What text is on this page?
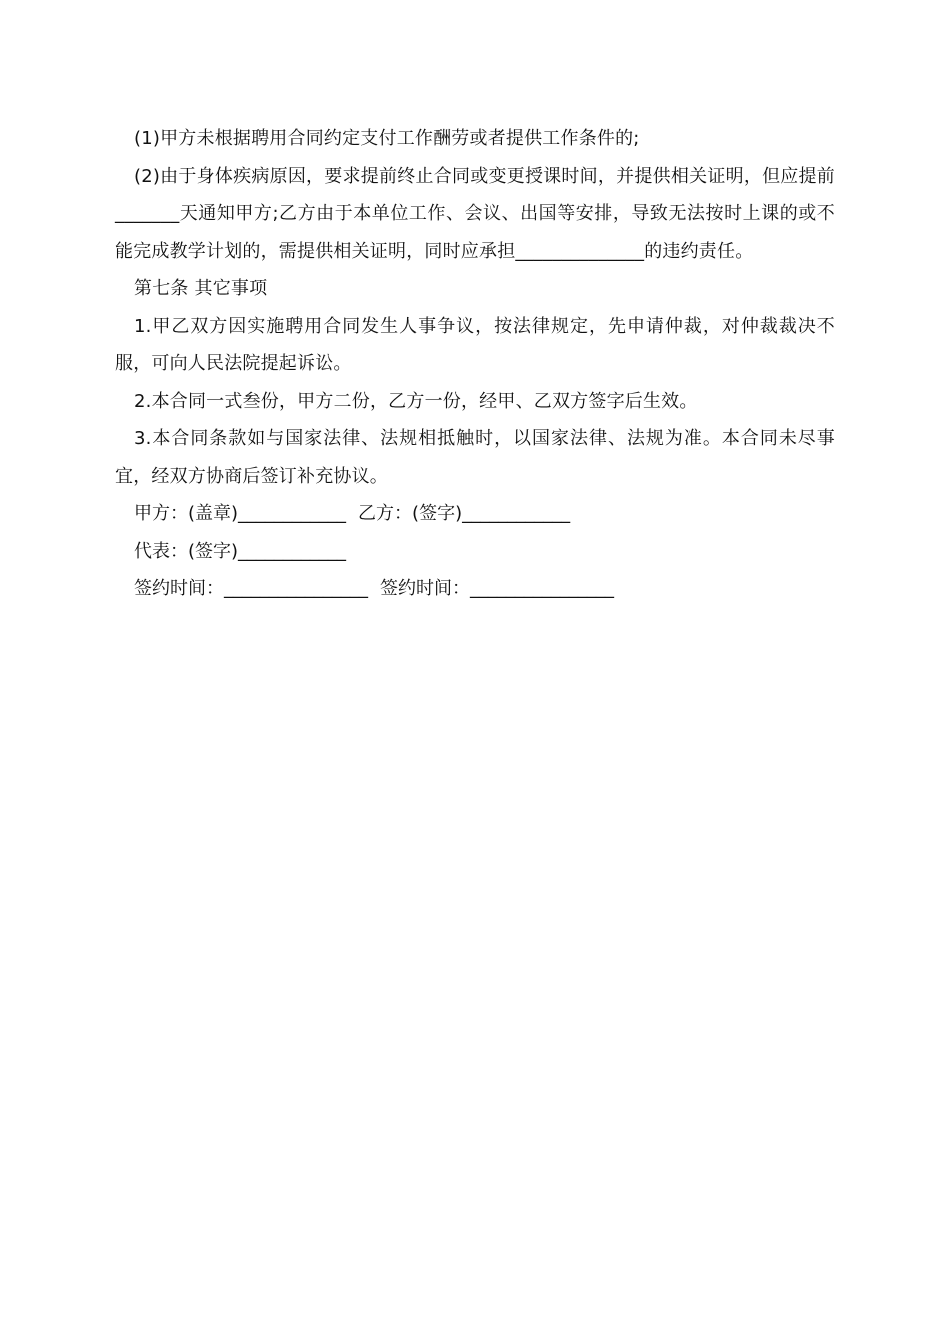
(1)甲方未根据聘用合同约定支付工作酬劳或者提供工作条件的;

(2)由于身体疾病原因，要求提前终止合同或变更授课时间，并提供相关证明，但应提前_______天通知甲方;乙方由于本单位工作、会议、出国等安排，导致无法按时上课的或不能完成教学计划的，需提供相关证明，同时应承担______________的违约责任。

第七条 其它事项

1.甲乙双方因实施聘用合同发生人事争议，按法律规定，先申请仲裁，对仲裁裁决不服，可向人民法院提起诉讼。

2.本合同一式叁份，甲方二份，乙方一份，经甲、乙双方签字后生效。

3.本合同条款如与国家法律、法规相抵触时，以国家法律、法规为准。本合同未尽事宜，经双方协商后签订补充协议。

甲方：(盖章)____________ 乙方：(签字)____________
代表：(签字)____________
签约时间：________________ 签约时间：________________
